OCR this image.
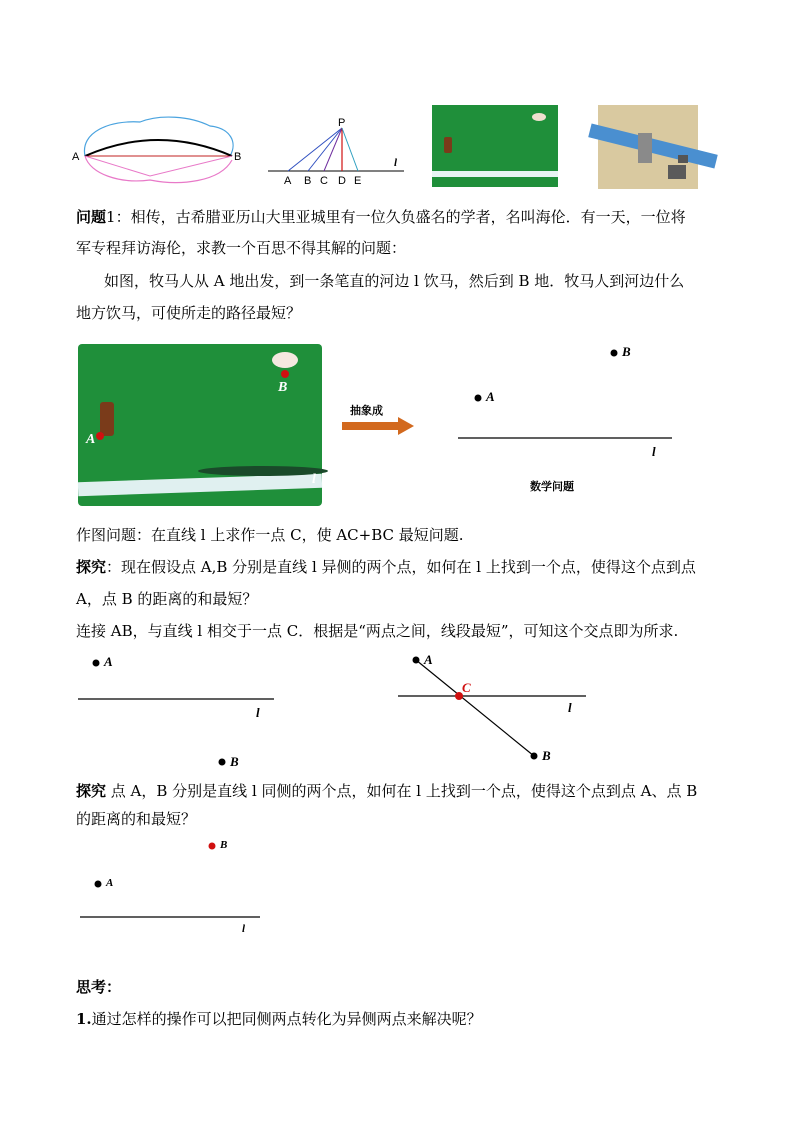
A	B
P
A B C D E
l
问题1：相传，古希腊亚历山大里亚城里有一位久负盛名的学者，名叫海伦．有一天，一位将
军专程拜访海伦，求教一个百思不得其解的问题：
如图，牧马人从 A 地出发，到一条笔直的河边 l 饮马，然后到 B 地．牧马人到河边什么
地方饮马，可使所走的路径最短？
A
B
l
抽象成
B
A
l
数学问题
作图问题：在直线 l 上求作一点 C，使 AC+BC 最短问题.
探究：现在假设点 A,B 分别是直线 l 异侧的两个点，如何在 l 上找到一个点，使得这个点到点
A，点 B 的距离的和最短？
连接 AB，与直线 l 相交于一点 C．根据是“两点之间，线段最短”，可知这个交点即为所求.
A
l
B
A
C
l
B
探究 点 A，B 分别是直线 l 同侧的两个点，如何在 l 上找到一个点，使得这个点到点 A、点 B
的距离的和最短？
B
A
l
思考：
1.通过怎样的操作可以把同侧两点转化为异侧两点来解决呢？
